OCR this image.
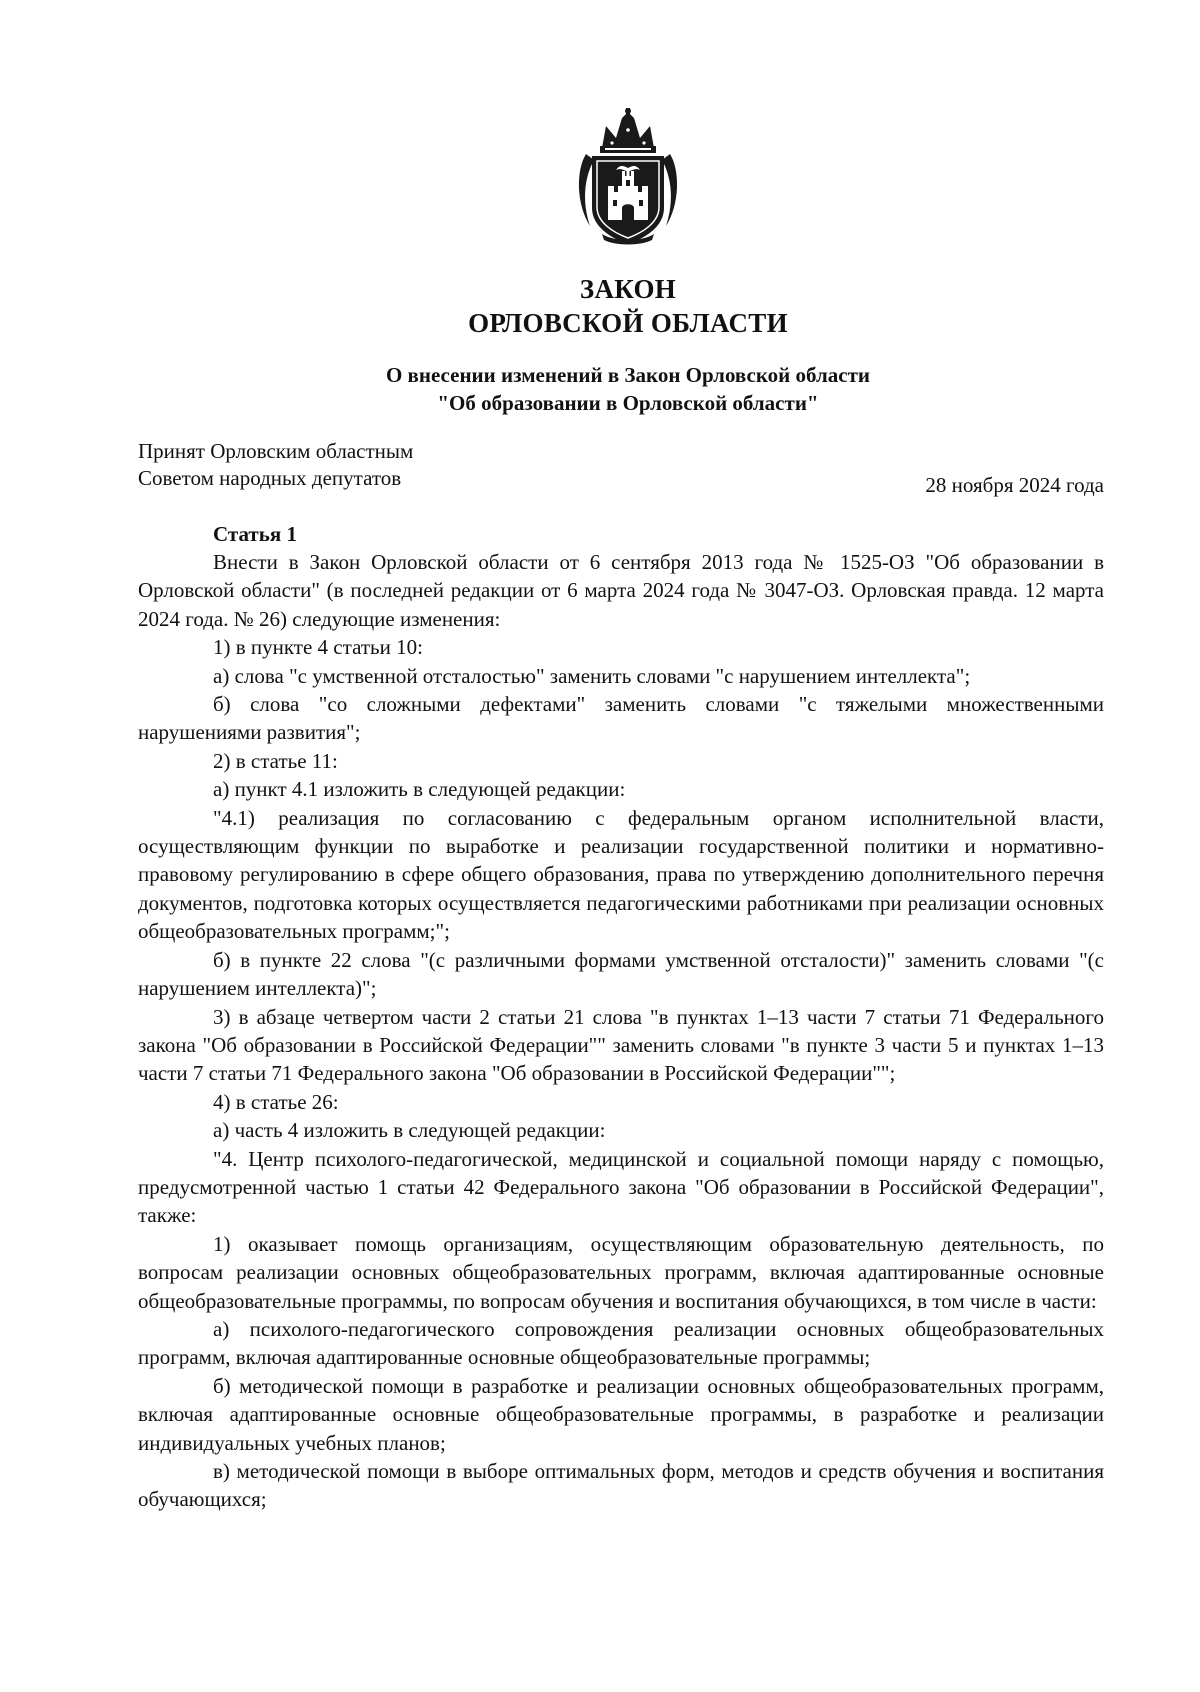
ЗАКОН
ОРЛОВСКОЙ ОБЛАСТИ
О внесении изменений в Закон Орловской области
"Об образовании в Орловской области"
Принят Орловским областным
Советом народных депутатов	28 ноября 2024 года
Статья 1

Внести в Закон Орловской области от 6 сентября 2013 года № 1525-ОЗ "Об образовании в Орловской области" (в последней редакции от 6 марта 2024 года № 3047-ОЗ. Орловская правда. 12 марта 2024 года. № 26) следующие изменения:

1) в пункте 4 статьи 10:

а) слова "с умственной отсталостью" заменить словами "с нарушением интеллекта";

б) слова "со сложными дефектами" заменить словами "с тяжелыми множественными нарушениями развития";

2) в статье 11:

а) пункт 4.1 изложить в следующей редакции:

"4.1) реализация по согласованию с федеральным органом исполнительной власти, осуществляющим функции по выработке и реализации государственной политики и нормативно-правовому регулированию в сфере общего образования, права по утверждению дополнительного перечня документов, подготовка которых осуществляется педагогическими работниками при реализации основных общеобразовательных программ;";

б) в пункте 22 слова "(с различными формами умственной отсталости)" заменить словами "(с нарушением интеллекта)";

3) в абзаце четвертом части 2 статьи 21 слова "в пунктах 1–13 части 7 статьи 71 Федерального закона "Об образовании в Российской Федерации"" заменить словами "в пункте 3 части 5 и пунктах 1–13 части 7 статьи 71 Федерального закона "Об образовании в Российской Федерации"";

4) в статье 26:

а) часть 4 изложить в следующей редакции:

"4. Центр психолого-педагогической, медицинской и социальной помощи наряду с помощью, предусмотренной частью 1 статьи 42 Федерального закона "Об образовании в Российской Федерации", также:

1) оказывает помощь организациям, осуществляющим образовательную деятельность, по вопросам реализации основных общеобразовательных программ, включая адаптированные основные общеобразовательные программы, по вопросам обучения и воспитания обучающихся, в том числе в части:

а) психолого-педагогического сопровождения реализации основных общеобразовательных программ, включая адаптированные основные общеобразовательные программы;

б) методической помощи в разработке и реализации основных общеобразовательных программ, включая адаптированные основные общеобразовательные программы, в разработке и реализации индивидуальных учебных планов;

в) методической помощи в выборе оптимальных форм, методов и средств обучения и воспитания обучающихся;
